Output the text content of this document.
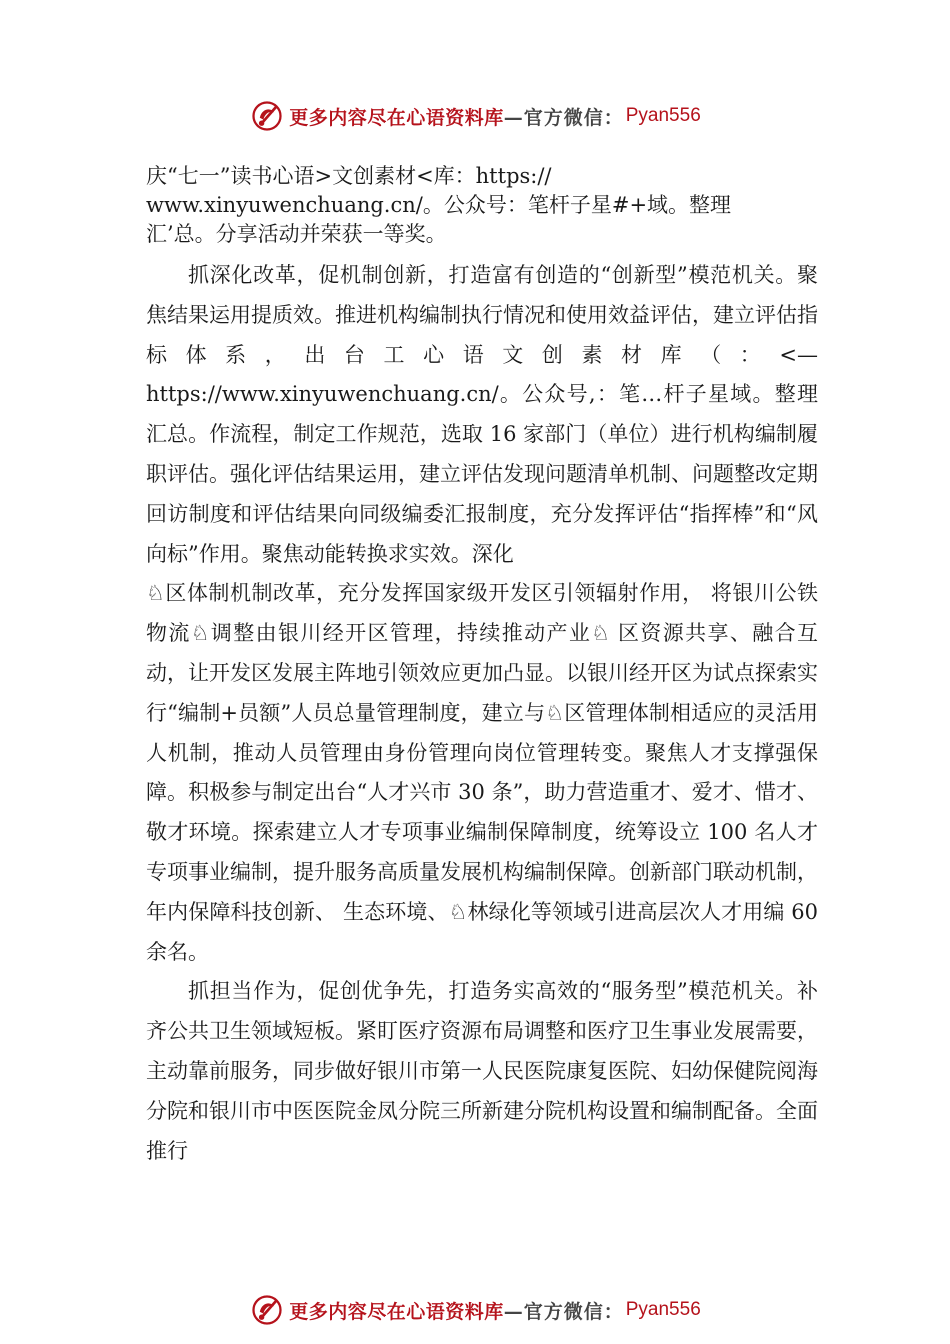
更多内容尽在心语资料库 —官方微信： Pyan556
庆“七一”读书心语>文创素材<库：https://
www.xinyuwenchuang.cn/。公众号：笔杆子星#+域。整理
汇’总。分享活动并荣获一等奖。

抓深化改革，促机制创新，打造富有创造的“创新型”模范机关。聚焦结果运用提质效。推进机构编制执行情况和使用效益评估，建立评估指标体系，出台工心语文创素材库（：<—https://www.xinyuwenchuang.cn/。公众号,：笔…杆子星域。整理汇总。作流程，制定工作规范，选取 16 家部门（单位）进行机构编制履职评估。强化评估结果运用，建立评估发现问题清单机制、问题整改定期回访制度和评估结果向同级编委汇报制度，充分发挥评估“指挥棒”和“风向标”作用。聚焦动能转换求实效。深化

♘区体制机制改革，充分发挥国家级开发区引领辐射作用， 将银川公铁物流♘调整由银川经开区管理，持续推动产业♘ 区资源共享、融合互动，让开发区发展主阵地引领效应更加凸显。以银川经开区为试点探索实行“编制+员额”人员总量管理制度，建立与♘区管理体制相适应的灵活用人机制，推动人员管理由身份管理向岗位管理转变。聚焦人才支撑强保障。积极参与制定出台“人才兴市 30 条”，助力营造重才、爱才、惜才、敬才环境。探索建立人才专项事业编制保障制度，统筹设立 100 名人才专项事业编制，提升服务高质量发展机构编制保障。创新部门联动机制，年内保障科技创新、 生态环境、♘林绿化等领域引进高层次人才用编 60 余名。

抓担当作为，促创优争先，打造务实高效的“服务型”模范机关。补齐公共卫生领域短板。紧盯医疗资源布局调整和医疗卫生事业发展需要，主动靠前服务，同步做好银川市第一人民医院康复医院、妇幼保健院阅海分院和银川市中医医院金凤分院三所新建分院机构设置和编制配备。全面推行

更多内容尽在心语资料库 —官方微信： Pyan556
